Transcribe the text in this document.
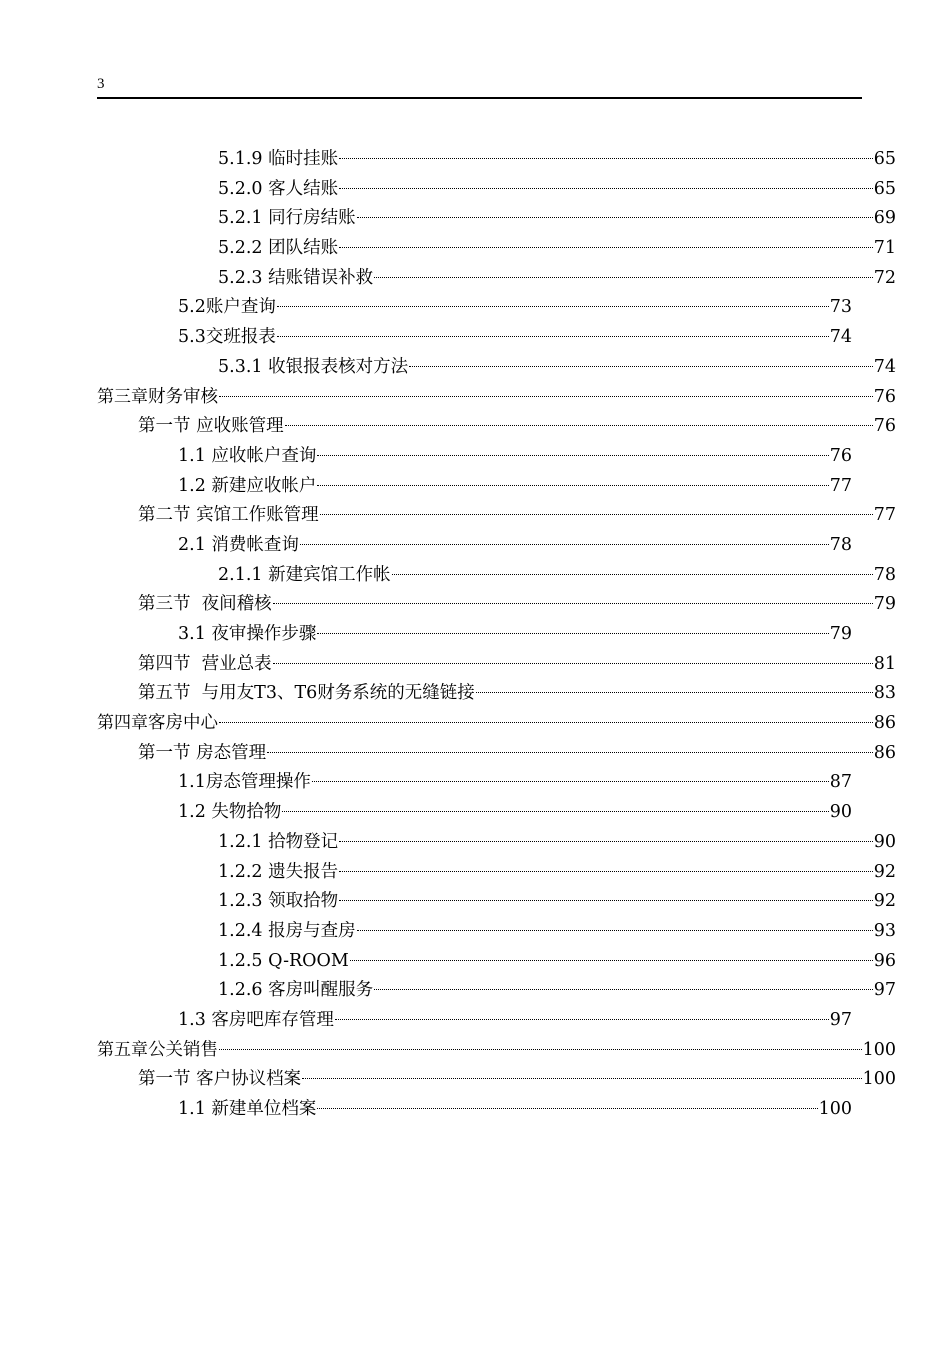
3
5.1.9 临时挂账	65
5.2.0 客人结账	65
5.2.1 同行房结账	69
5.2.2 团队结账	71
5.2.3 结账错误补救	72
5.2 账户查询	73
5.3 交班报表	74
5.3.1 收银报表核对方法	74
第三章 财务审核	76
第一节 应收账管理	76
1.1 应收帐户查询	76
1.2 新建应收帐户	77
第二节 宾馆工作账管理	77
2.1 消费帐查询	78
2.1.1 新建宾馆工作帐	78
第三节 夜间稽核	79
3.1 夜审操作步骤	79
第四节 营业总表	81
第五节 与用友T3、T6财务系统的无缝链接	83
第四章 客房中心	86
第一节 房态管理	86
1.1 房态管理操作	87
1.2 失物拾物	90
1.2.1 拾物登记	90
1.2.2 遗失报告	92
1.2.3 领取拾物	92
1.2.4 报房与查房	93
1.2.5 Q-ROOM	96
1.2.6 客房叫醒服务	97
1.3 客房吧库存管理	97
第五章 公关销售	100
第一节 客户协议档案	100
1.1 新建单位档案	100
